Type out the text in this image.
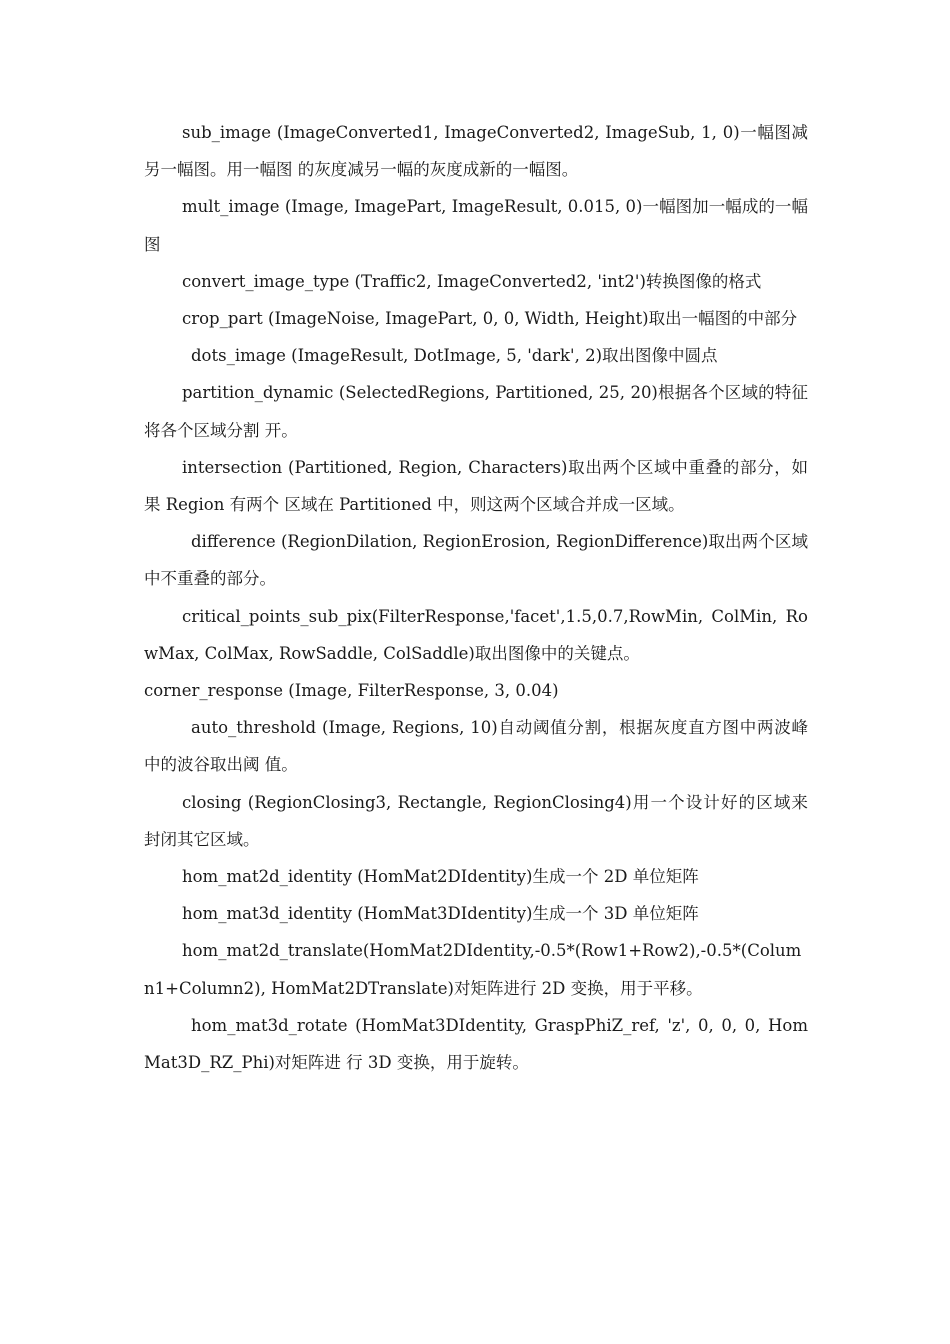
sub_image (ImageConverted1, ImageConverted2, ImageSub, 1, 0)一幅图减另一幅图。用一幅图 的灰度减另一幅的灰度成新的一幅图。

mult_image (Image, ImagePart, ImageResult, 0.015, 0)一幅图加一幅成的一幅图

convert_image_type (Traffic2, ImageConverted2, 'int2')转换图像的格式

crop_part (ImageNoise, ImagePart, 0, 0, Width, Height)取出一幅图的中部分

dots_image (ImageResult, DotImage, 5, 'dark', 2)取出图像中圆点

partition_dynamic (SelectedRegions, Partitioned, 25, 20)根据各个区域的特征将各个区域分割 开。

intersection (Partitioned, Region, Characters)取出两个区域中重叠的部分，如果 Region 有两个 区域在 Partitioned 中，则这两个区域合并成一区域。

difference (RegionDilation, RegionErosion, RegionDifference)取出两个区域中不重叠的部分。

critical_points_sub_pix(FilterResponse,'facet',1.5,0.7,RowMin, ColMin, RowMax, ColMax, RowSaddle, ColSaddle)取出图像中的关键点。

corner_response (Image, FilterResponse, 3, 0.04)

auto_threshold (Image, Regions, 10)自动阈值分割，根据灰度直方图中两波峰中的波谷取出阈 值。

closing (RegionClosing3, Rectangle, RegionClosing4)用一个设计好的区域来封闭其它区域。

hom_mat2d_identity (HomMat2DIdentity)生成一个 2D 单位矩阵

hom_mat3d_identity (HomMat3DIdentity)生成一个 3D 单位矩阵

hom_mat2d_translate(HomMat2DIdentity,-0.5*(Row1+Row2),-0.5*(Column1+Column2), HomMat2DTranslate)对矩阵进行 2D 变换，用于平移。

hom_mat3d_rotate (HomMat3DIdentity, GraspPhiZ_ref, 'z', 0, 0, 0, HomMat3D_RZ_Phi)对矩阵进 行 3D 变换，用于旋转。
